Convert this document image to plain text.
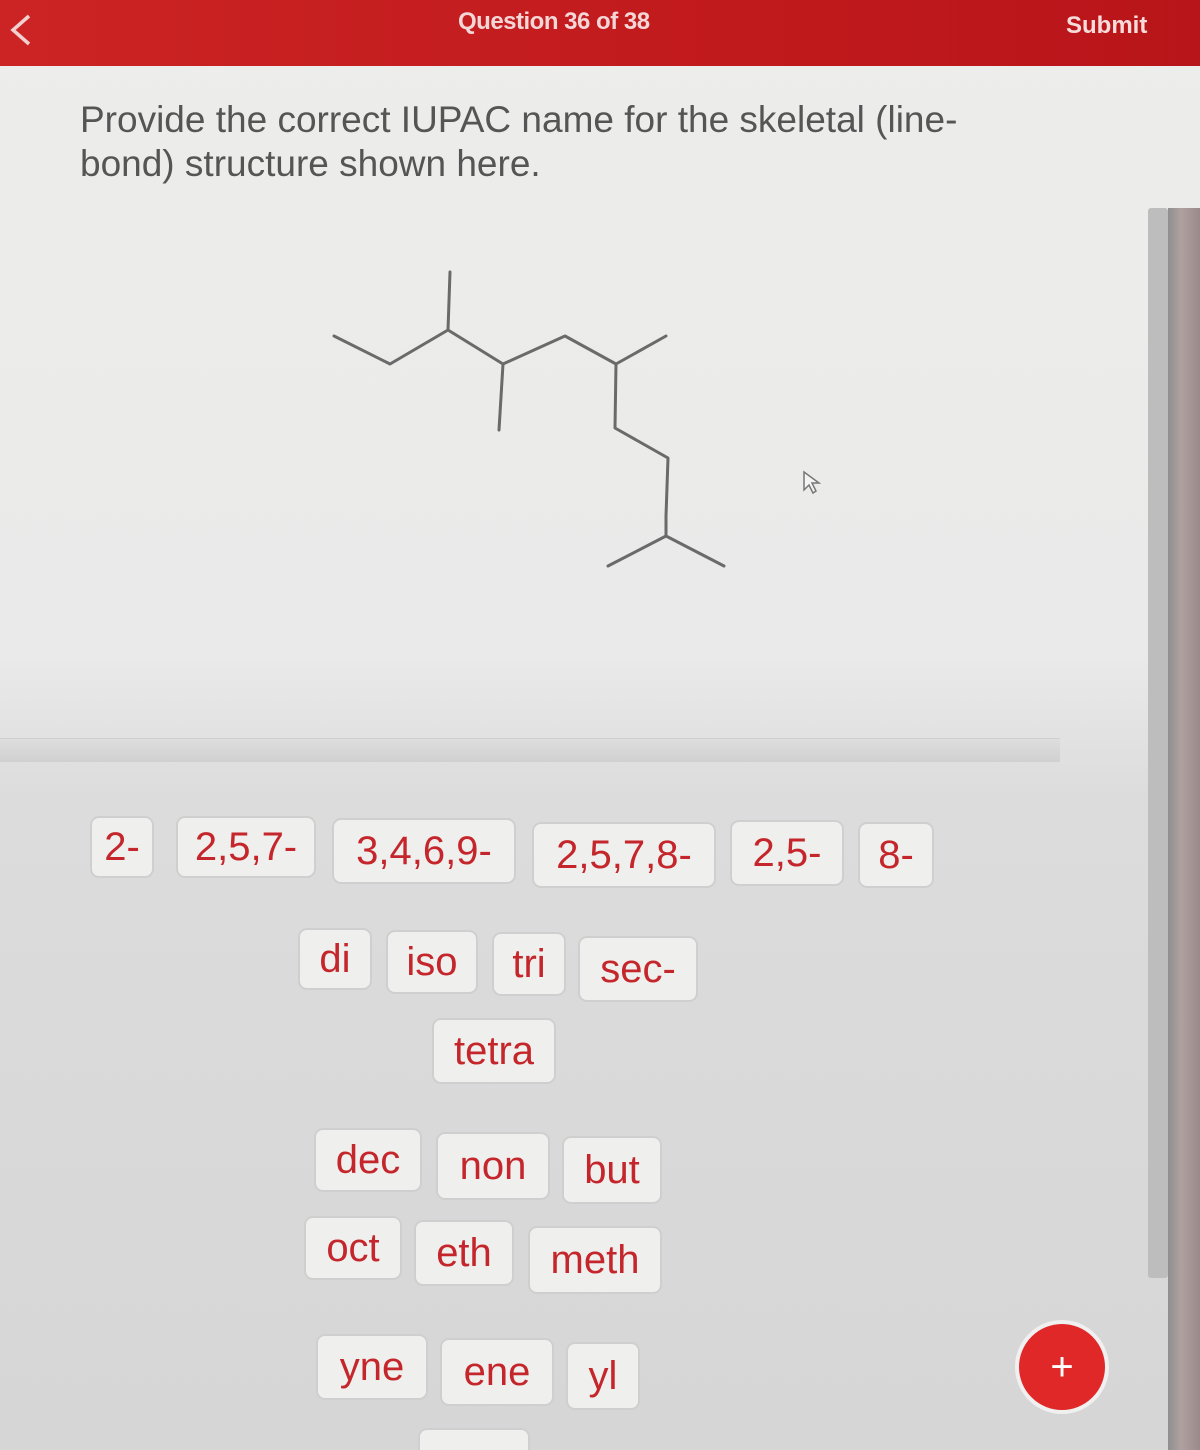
Question 36 of 38	Submit
Provide the correct IUPAC name for the skeletal (line-bond) structure shown here.
2-	2,5,7-	3,4,6,9-	2,5,7,8-	2,5-	8-
di	iso	tri	sec-
tetra
dec	non	but
oct	eth	meth
yne	ene	yl	+
